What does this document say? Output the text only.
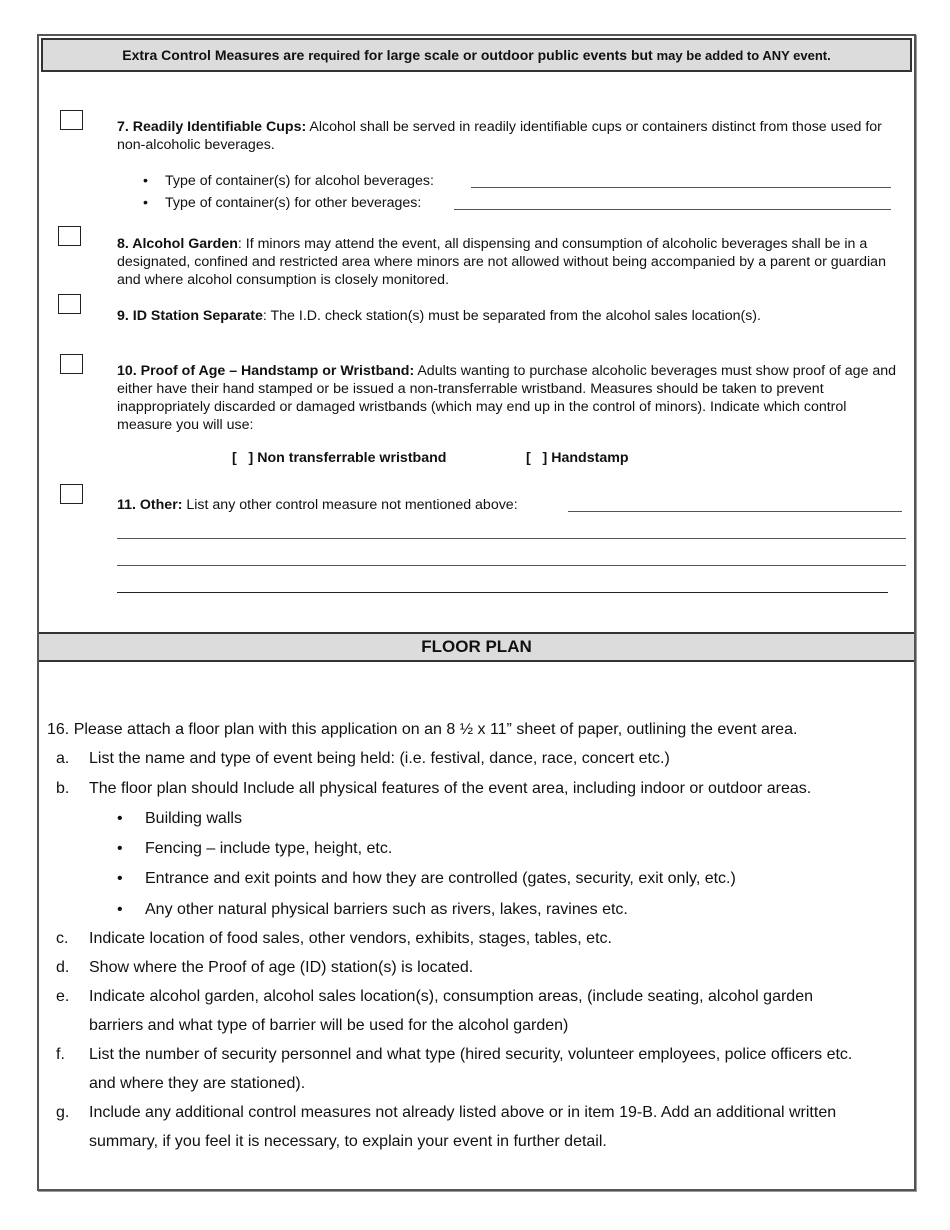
Extra Control Measures are required for large scale or outdoor public events but may be added to ANY event.
7. Readily Identifiable Cups: Alcohol shall be served in readily identifiable cups or containers distinct from those used for non-alcoholic beverages.
• Type of container(s) for alcohol beverages:
• Type of container(s) for other beverages:
8. Alcohol Garden: If minors may attend the event, all dispensing and consumption of alcoholic beverages shall be in a designated, confined and restricted area where minors are not allowed without being accompanied by a parent or guardian and where alcohol consumption is closely monitored.
9. ID Station Separate: The I.D. check station(s) must be separated from the alcohol sales location(s).
10. Proof of Age – Handstamp or Wristband: Adults wanting to purchase alcoholic beverages must show proof of age and either have their hand stamped or be issued a non-transferrable wristband. Measures should be taken to prevent inappropriately discarded or damaged wristbands (which may end up in the control of minors). Indicate which control measure you will use:
[   ] Non transferrable wristband	[   ] Handstamp
11. Other: List any other control measure not mentioned above:
FLOOR PLAN
16. Please attach a floor plan with this application on an 8 ½ x 11” sheet of paper, outlining the event area.
a. List the name and type of event being held: (i.e. festival, dance, race, concert etc.)
b. The floor plan should Include all physical features of the event area, including indoor or outdoor areas.
• Building walls
• Fencing – include type, height, etc.
• Entrance and exit points and how they are controlled (gates, security, exit only, etc.)
• Any other natural physical barriers such as rivers, lakes, ravines etc.
c. Indicate location of food sales, other vendors, exhibits, stages, tables, etc.
d. Show where the Proof of age (ID) station(s) is located.
e. Indicate alcohol garden, alcohol sales location(s), consumption areas, (include seating, alcohol garden
barriers and what type of barrier will be used for the alcohol garden)
f. List the number of security personnel and what type (hired security, volunteer employees, police officers etc.
and where they are stationed).
g. Include any additional control measures not already listed above or in item 19-B. Add an additional written
summary, if you feel it is necessary, to explain your event in further detail.
